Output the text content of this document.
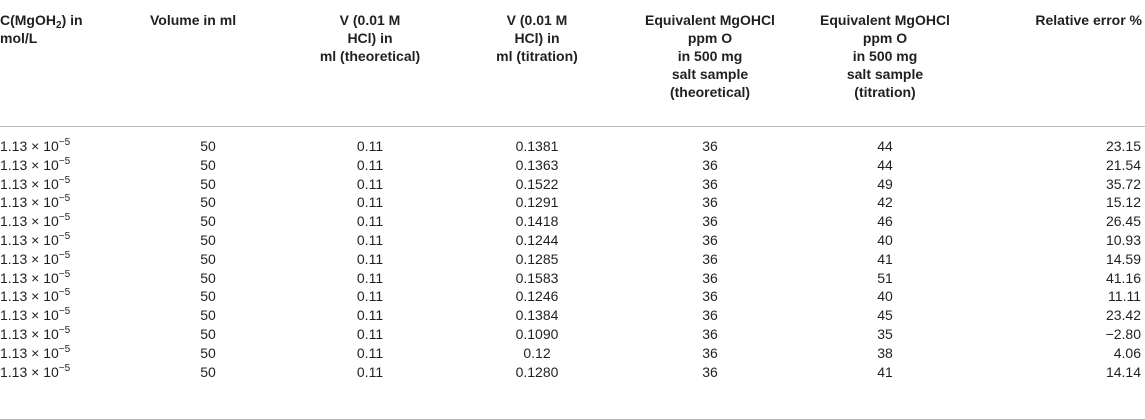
C(MgOH$_2$) in
mol/L	Volume in ml	V (0.01 M
HCl) in
ml (theoretical)	V (0.01 M
HCl) in
ml (titration)	Equivalent MgOHCl
ppm O
in 500 mg
salt sample
(theoretical)	Equivalent MgOHCl
ppm O
in 500 mg
salt sample
(titration)	Relative error %

$1.13 \times 10^{-5}$	50	0.11	0.1381	36	44	23.15
$1.13 \times 10^{-5}$	50	0.11	0.1363	36	44	21.54
$1.13 \times 10^{-5}$	50	0.11	0.1522	36	49	35.72
$1.13 \times 10^{-5}$	50	0.11	0.1291	36	42	15.12
$1.13 \times 10^{-5}$	50	0.11	0.1418	36	46	26.45
$1.13 \times 10^{-5}$	50	0.11	0.1244	36	40	10.93
$1.13 \times 10^{-5}$	50	0.11	0.1285	36	41	14.59
$1.13 \times 10^{-5}$	50	0.11	0.1583	36	51	41.16
$1.13 \times 10^{-5}$	50	0.11	0.1246	36	40	11.11
$1.13 \times 10^{-5}$	50	0.11	0.1384	36	45	23.42
$1.13 \times 10^{-5}$	50	0.11	0.1090	36	35	−2.80
$1.13 \times 10^{-5}$	50	0.11	0.12	36	38	4.06
$1.13 \times 10^{-5}$	50	0.11	0.1280	36	41	14.14
